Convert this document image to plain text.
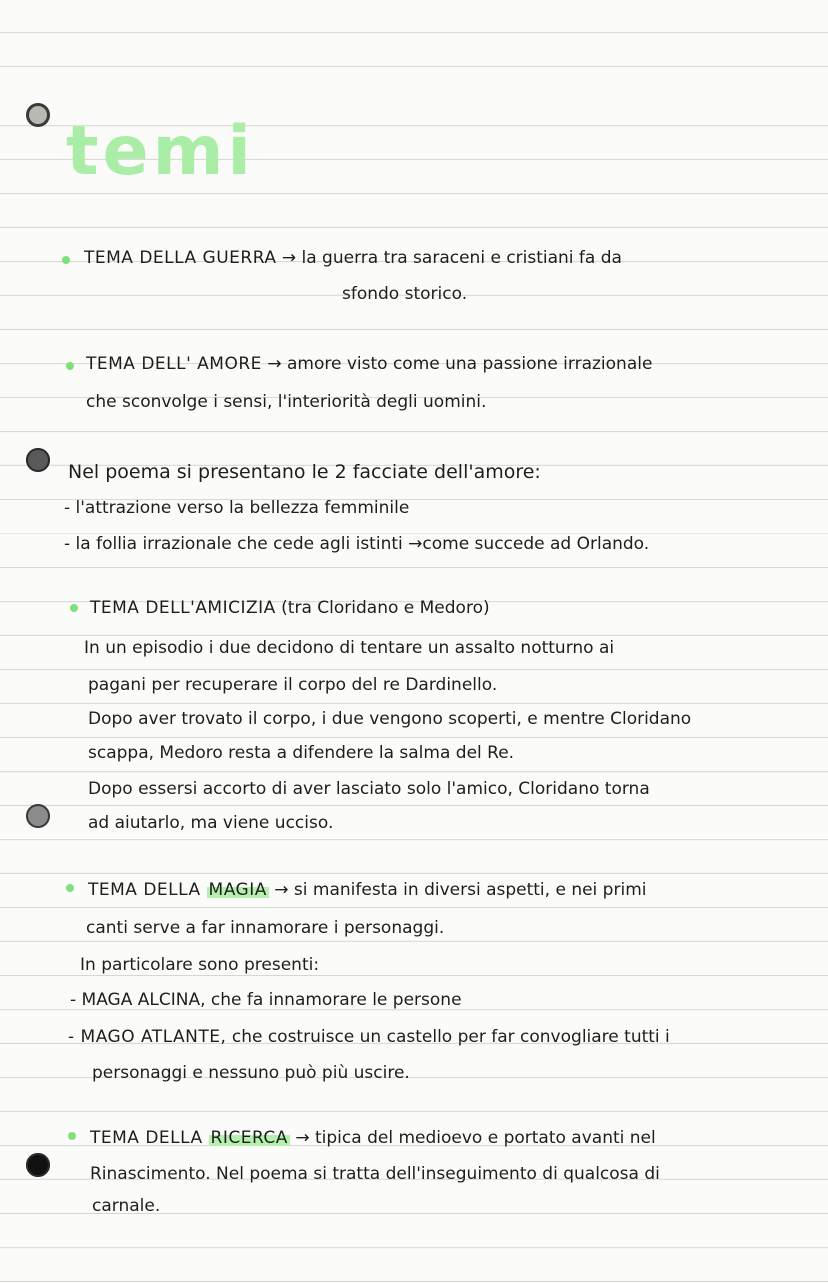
temi
TEMA DELLA GUERRA → la guerra tra saraceni e cristiani fa da
sfondo storico.
TEMA DELL' AMORE → amore visto come una passione irrazionale
che sconvolge i sensi, l'interiorità degli uomini.
Nel poema si presentano le 2 facciate dell'amore:
- l'attrazione verso la bellezza femminile
- la follia irrazionale che cede agli istinti →come succede ad Orlando.
TEMA DELL'AMICIZIA (tra Cloridano e Medoro)
In un episodio i due decidono di tentare un assalto notturno ai
pagani per recuperare il corpo del re Dardinello.
Dopo aver trovato il corpo, i due vengono scoperti, e mentre Cloridano
scappa, Medoro resta a difendere la salma del Re.
Dopo essersi accorto di aver lasciato solo l'amico, Cloridano torna
ad aiutarlo, ma viene ucciso.
TEMA DELLA MAGIA → si manifesta in diversi aspetti, e nei primi
canti serve a far innamorare i personaggi.
In particolare sono presenti:
- MAGA ALCINA, che fa innamorare le persone
- MAGO ATLANTE, che costruisce un castello per far convogliare tutti i
personaggi e nessuno può più uscire.
TEMA DELLA RICERCA → tipica del medioevo e portato avanti nel
Rinascimento. Nel poema si tratta dell'inseguimento di qualcosa di
carnale.
